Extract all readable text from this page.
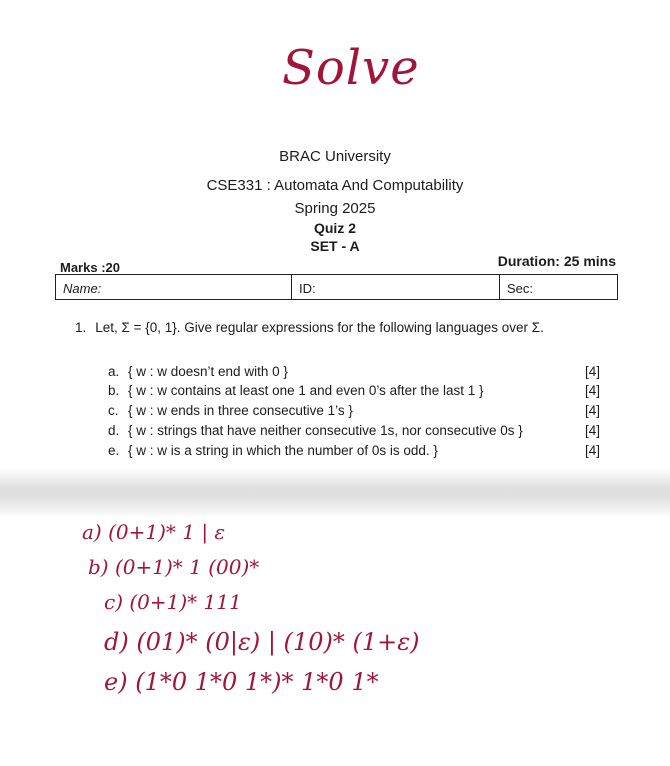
Solve
BRAC University
CSE331 : Automata And Computability
Spring 2025
Quiz 2
SET - A
Marks :20	Duration: 25 mins
Name:	ID:	Sec:
1. Let, Σ = {0, 1}. Give regular expressions for the following languages over Σ.
a. { w : w doesn’t end with 0 }	[4]
b. { w : w contains at least one 1 and even 0’s after the last 1 }	[4]
c. { w : w ends in three consecutive 1’s }	[4]
d. { w : strings that have neither consecutive 1s, nor consecutive 0s }	[4]
e. { w : w is a string in which the number of 0s is odd. }	[4]
a) (0+1)* 1 | ε
b) (0+1)* 1 (00)*
c) (0+1)* 111
d) (01)* (0|ε) | (10)* (1+ε)
e) (1*0 1*0 1*)* 1*0 1*
